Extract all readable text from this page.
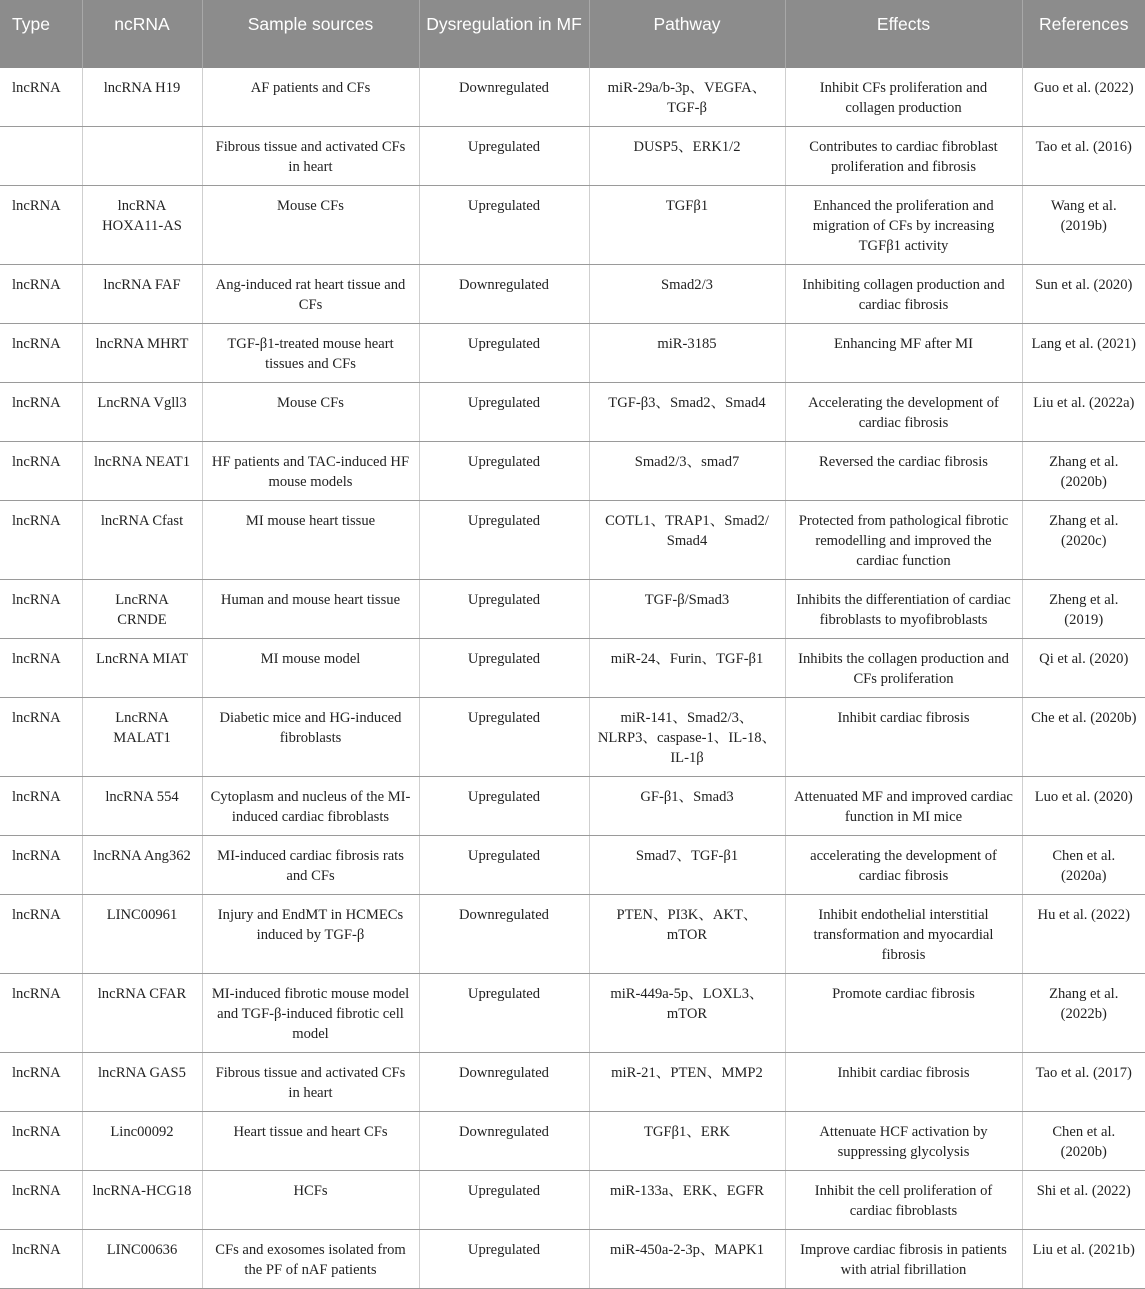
Type	ncRNA	Sample sources	Dysregulation in MF	Pathway	Effects	References
lncRNA	lncRNA H19	AF patients and CFs	Downregulated	miR-29a/b-3p、VEGFA、TGF-β	Inhibit CFs proliferation and collagen production	Guo et al. (2022)
		Fibrous tissue and activated CFs in heart	Upregulated	DUSP5、ERK1/2	Contributes to cardiac fibroblast proliferation and fibrosis	Tao et al. (2016)
lncRNA	lncRNA HOXA11-AS	Mouse CFs	Upregulated	TGFβ1	Enhanced the proliferation and migration of CFs by increasing TGFβ1 activity	Wang et al. (2019b)
lncRNA	lncRNA FAF	Ang-induced rat heart tissue and CFs	Downregulated	Smad2/3	Inhibiting collagen production and cardiac fibrosis	Sun et al. (2020)
lncRNA	lncRNA MHRT	TGF-β1-treated mouse heart tissues and CFs	Upregulated	miR-3185	Enhancing MF after MI	Lang et al. (2021)
lncRNA	LncRNA Vgll3	Mouse CFs	Upregulated	TGF-β3、Smad2、Smad4	Accelerating the development of cardiac fibrosis	Liu et al. (2022a)
lncRNA	lncRNA NEAT1	HF patients and TAC-induced HF mouse models	Upregulated	Smad2/3、smad7	Reversed the cardiac fibrosis	Zhang et al. (2020b)
lncRNA	lncRNA Cfast	MI mouse heart tissue	Upregulated	COTL1、TRAP1、Smad2/ Smad4	Protected from pathological fibrotic remodelling and improved the cardiac function	Zhang et al. (2020c)
lncRNA	LncRNA CRNDE	Human and mouse heart tissue	Upregulated	TGF-β/Smad3	Inhibits the differentiation of cardiac fibroblasts to myofibroblasts	Zheng et al. (2019)
lncRNA	LncRNA MIAT	MI mouse model	Upregulated	miR-24、Furin、TGF-β1	Inhibits the collagen production and CFs proliferation	Qi et al. (2020)
lncRNA	LncRNA MALAT1	Diabetic mice and HG-induced fibroblasts	Upregulated	miR-141、Smad2/3、NLRP3、caspase-1、IL-18、IL-1β	Inhibit cardiac fibrosis	Che et al. (2020b)
lncRNA	lncRNA 554	Cytoplasm and nucleus of the MI-induced cardiac fibroblasts	Upregulated	GF-β1、Smad3	Attenuated MF and improved cardiac function in MI mice	Luo et al. (2020)
lncRNA	lncRNA Ang362	MI-induced cardiac fibrosis rats and CFs	Upregulated	Smad7、TGF-β1	accelerating the development of cardiac fibrosis	Chen et al. (2020a)
lncRNA	LINC00961	Injury and EndMT in HCMECs induced by TGF-β	Downregulated	PTEN、PI3K、AKT、mTOR	Inhibit endothelial interstitial transformation and myocardial fibrosis	Hu et al. (2022)
lncRNA	lncRNA CFAR	MI-induced fibrotic mouse model and TGF-β-induced fibrotic cell model	Upregulated	miR-449a-5p、LOXL3、mTOR	Promote cardiac fibrosis	Zhang et al. (2022b)
lncRNA	lncRNA GAS5	Fibrous tissue and activated CFs in heart	Downregulated	miR-21、PTEN、MMP2	Inhibit cardiac fibrosis	Tao et al. (2017)
lncRNA	Linc00092	Heart tissue and heart CFs	Downregulated	TGFβ1、ERK	Attenuate HCF activation by suppressing glycolysis	Chen et al. (2020b)
lncRNA	lncRNA-HCG18	HCFs	Upregulated	miR-133a、ERK、EGFR	Inhibit the cell proliferation of cardiac fibroblasts	Shi et al. (2022)
lncRNA	LINC00636	CFs and exosomes isolated from the PF of nAF patients	Upregulated	miR-450a-2-3p、MAPK1	Improve cardiac fibrosis in patients with atrial fibrillation	Liu et al. (2021b)
